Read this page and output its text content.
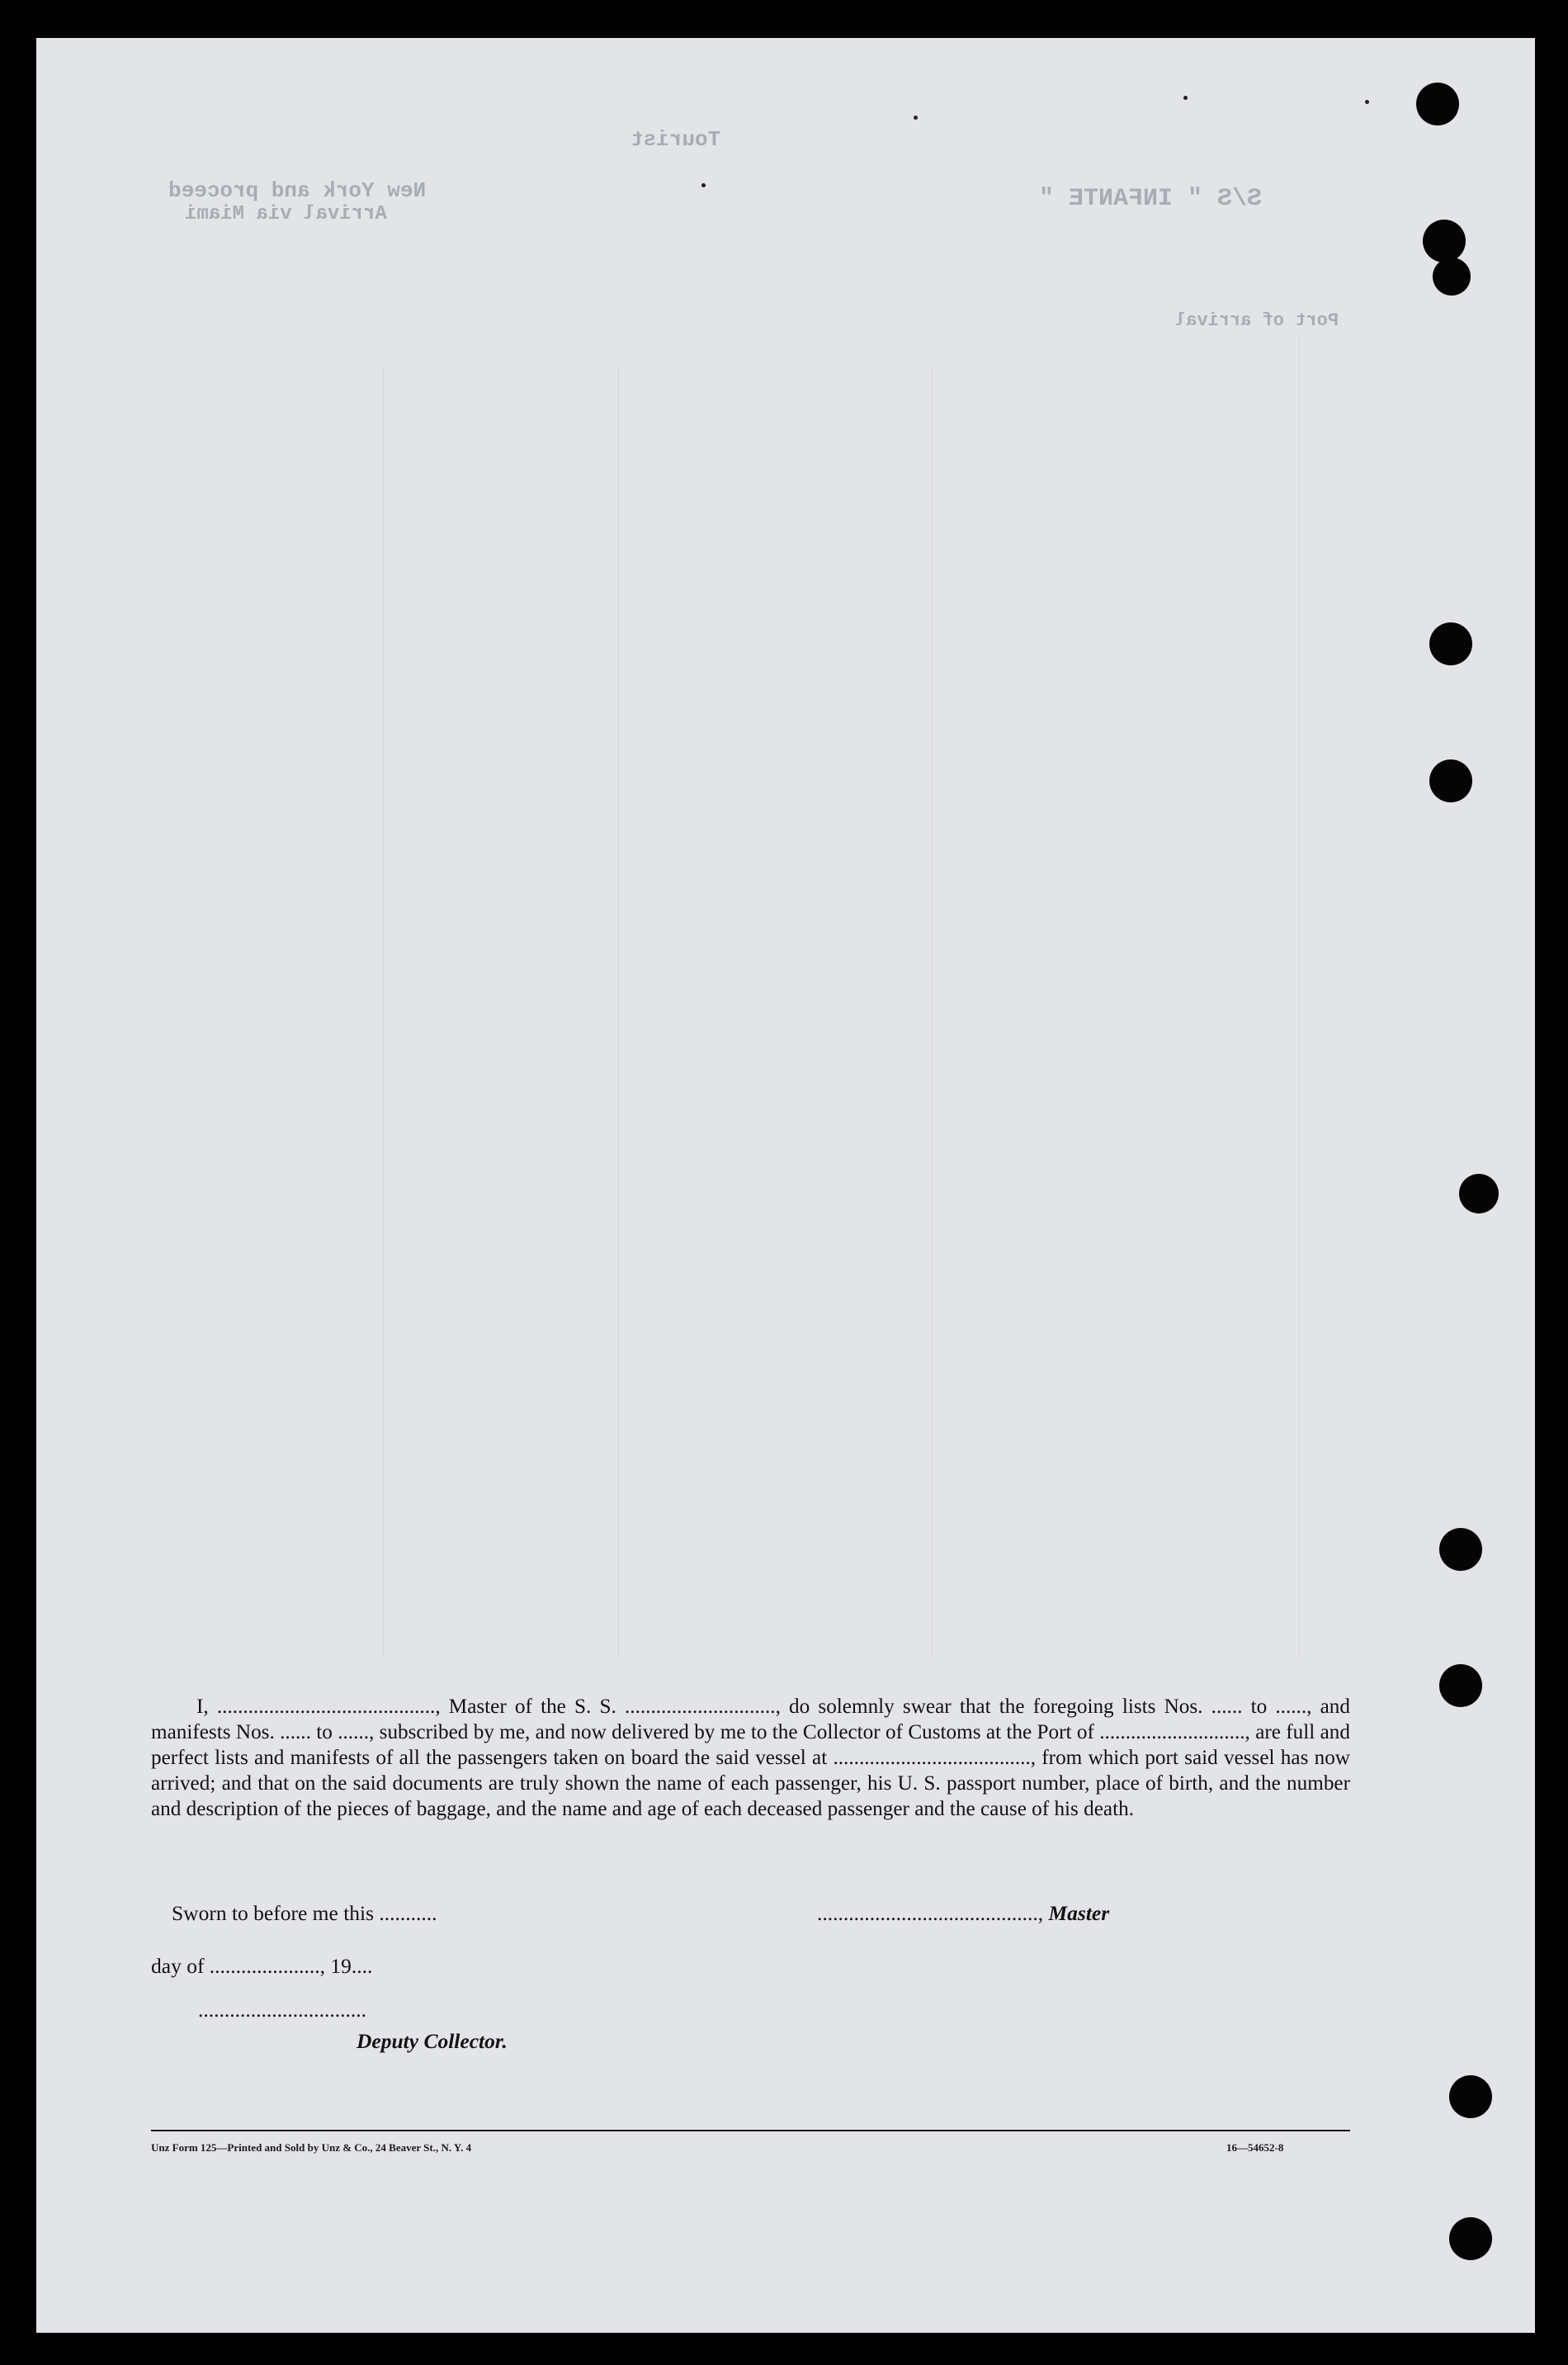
Tourist
S/S " INFANTE "
New York and proceed
Arrival via Miami
Port of arrival

I, .........................................., Master of the S. S. ............................., do solemnly swear that the foregoing lists Nos. ...... to ......, and manifests Nos. ...... to ......, subscribed by me, and now delivered by me to the Collector of Customs at the Port of ............................, are full and perfect lists and manifests of all the passengers taken on board the said vessel at ......................................, from which port said vessel has now arrived; and that on the said documents are truly shown the name of each passenger, his U. S. passport number, place of birth, and the number and description of the pieces of baggage, and the name and age of each deceased passenger and the cause of his death.

Sworn to before me this ...........	.........................................., Master
day of ....................., 19....
................................
Deputy Collector.
Unz Form 125—Printed and Sold by Unz & Co., 24 Beaver St., N. Y. 4	16—54652-8
